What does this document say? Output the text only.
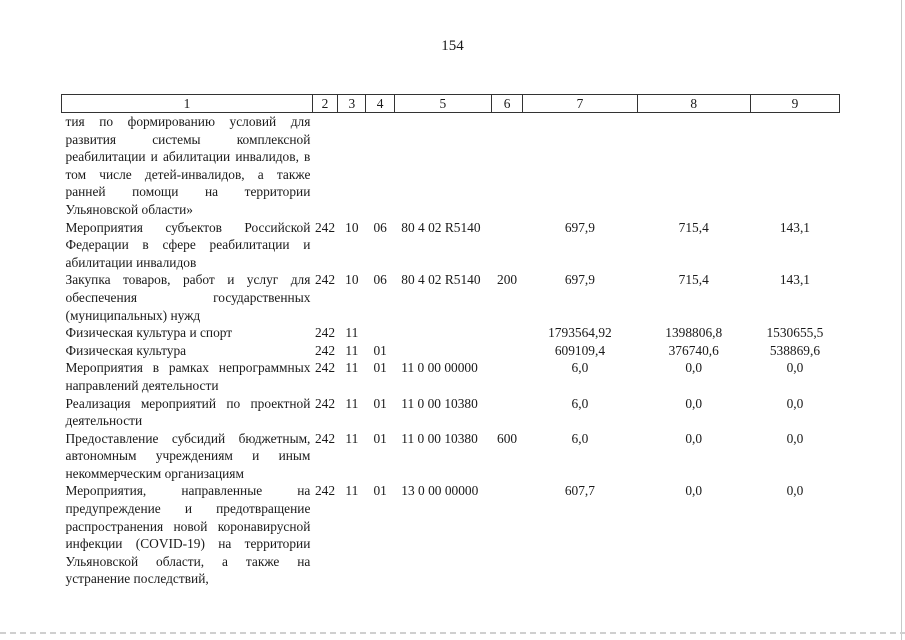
154
1	2	3	4	5	6	7	8	9
тия по формированию условий для развития системы комплексной реабилитации и абилитации инвалидов, в том числе детей-инвалидов, а также ранней помощи на территории Ульяновской области»								
Мероприятия субъектов Российской Федерации в сфере реабилитации и абилитации инвалидов	242	10	06	80 4 02 R5140		697,9	715,4	143,1
Закупка товаров, работ и услуг для обеспечения государственных (муниципальных) нужд	242	10	06	80 4 02 R5140	200	697,9	715,4	143,1
Физическая культура и спорт	242	11				1793564,92	1398806,8	1530655,5
Физическая культура	242	11	01			609109,4	376740,6	538869,6
Мероприятия в рамках непрограммных направлений деятельности	242	11	01	11 0 00 00000		6,0	0,0	0,0
Реализация мероприятий по проектной деятельности	242	11	01	11 0 00 10380		6,0	0,0	0,0
Предоставление субсидий бюджетным, автономным учреждениям и иным некоммерческим организациям	242	11	01	11 0 00 10380	600	6,0	0,0	0,0
Мероприятия, направленные на предупреждение и предотвращение распространения новой коронавирусной инфекции (COVID-19) на территории Ульяновской области, а также на устранение последствий,	242	11	01	13 0 00 00000		607,7	0,0	0,0
